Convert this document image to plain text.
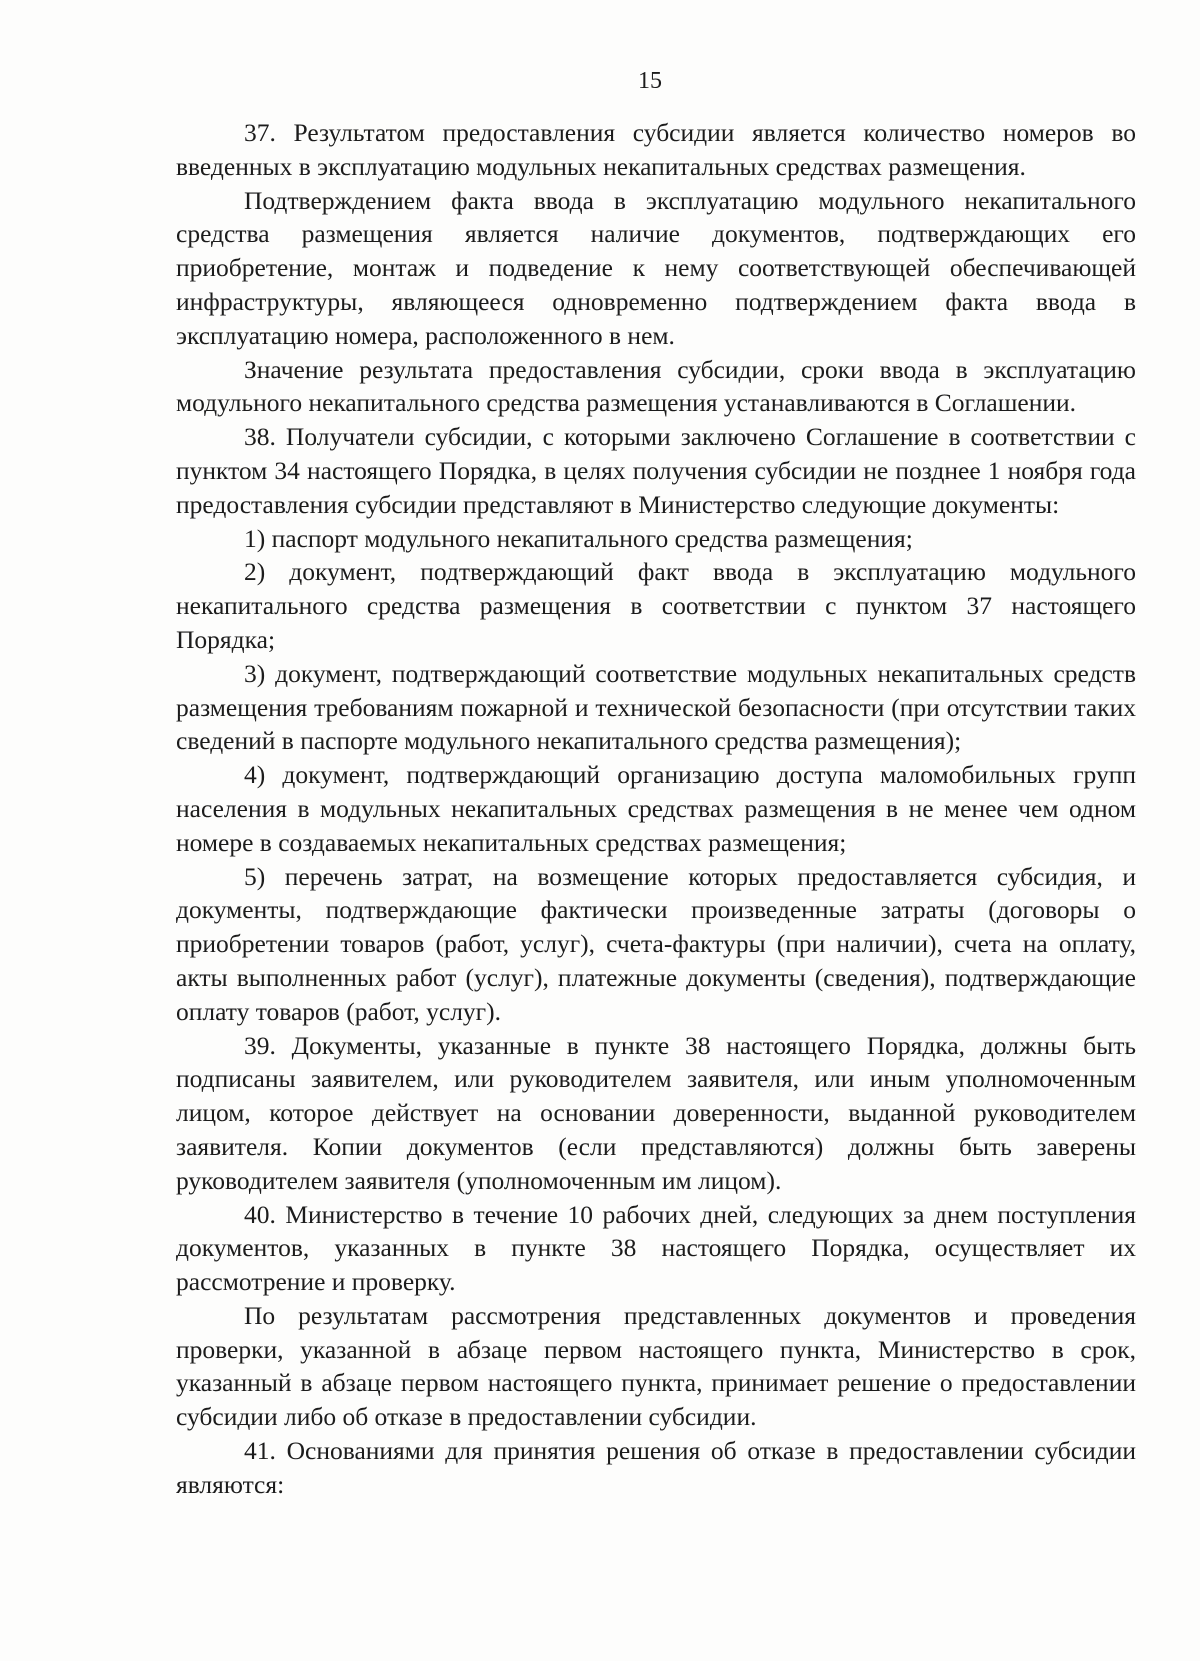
15

37. Результатом предоставления субсидии является количество номеров во введенных в эксплуатацию модульных некапитальных средствах размещения.

Подтверждением факта ввода в эксплуатацию модульного некапитального средства размещения является наличие документов, подтверждающих его приобретение, монтаж и подведение к нему соответствующей обеспечивающей инфраструктуры, являющееся одновременно подтверждением факта ввода в эксплуатацию номера, расположенного в нем.

Значение результата предоставления субсидии, сроки ввода в эксплуатацию модульного некапитального средства размещения устанавливаются в Соглашении.

38. Получатели субсидии, с которыми заключено Соглашение в соответствии с пунктом 34 настоящего Порядка, в целях получения субсидии не позднее 1 ноября года предоставления субсидии представляют в Министерство следующие документы:

1) паспорт модульного некапитального средства размещения;

2) документ, подтверждающий факт ввода в эксплуатацию модульного некапитального средства размещения в соответствии с пунктом 37 настоящего Порядка;

3) документ, подтверждающий соответствие модульных некапитальных средств размещения требованиям пожарной и технической безопасности (при отсутствии таких сведений в паспорте модульного некапитального средства размещения);

4) документ, подтверждающий организацию доступа маломобильных групп населения в модульных некапитальных средствах размещения в не менее чем одном номере в создаваемых некапитальных средствах размещения;

5) перечень затрат, на возмещение которых предоставляется субсидия, и документы, подтверждающие фактически произведенные затраты (договоры о приобретении товаров (работ, услуг), счета-фактуры (при наличии), счета на оплату, акты выполненных работ (услуг), платежные документы (сведения), подтверждающие оплату товаров (работ, услуг).

39. Документы, указанные в пункте 38 настоящего Порядка, должны быть подписаны заявителем, или руководителем заявителя, или иным уполномоченным лицом, которое действует на основании доверенности, выданной руководителем заявителя. Копии документов (если представляются) должны быть заверены руководителем заявителя (уполномоченным им лицом).

40. Министерство в течение 10 рабочих дней, следующих за днем поступления документов, указанных в пункте 38 настоящего Порядка, осуществляет их рассмотрение и проверку.

По результатам рассмотрения представленных документов и проведения проверки, указанной в абзаце первом настоящего пункта, Министерство в срок, указанный в абзаце первом настоящего пункта, принимает решение о предоставлении субсидии либо об отказе в предоставлении субсидии.

41. Основаниями для принятия решения об отказе в предоставлении субсидии являются:
